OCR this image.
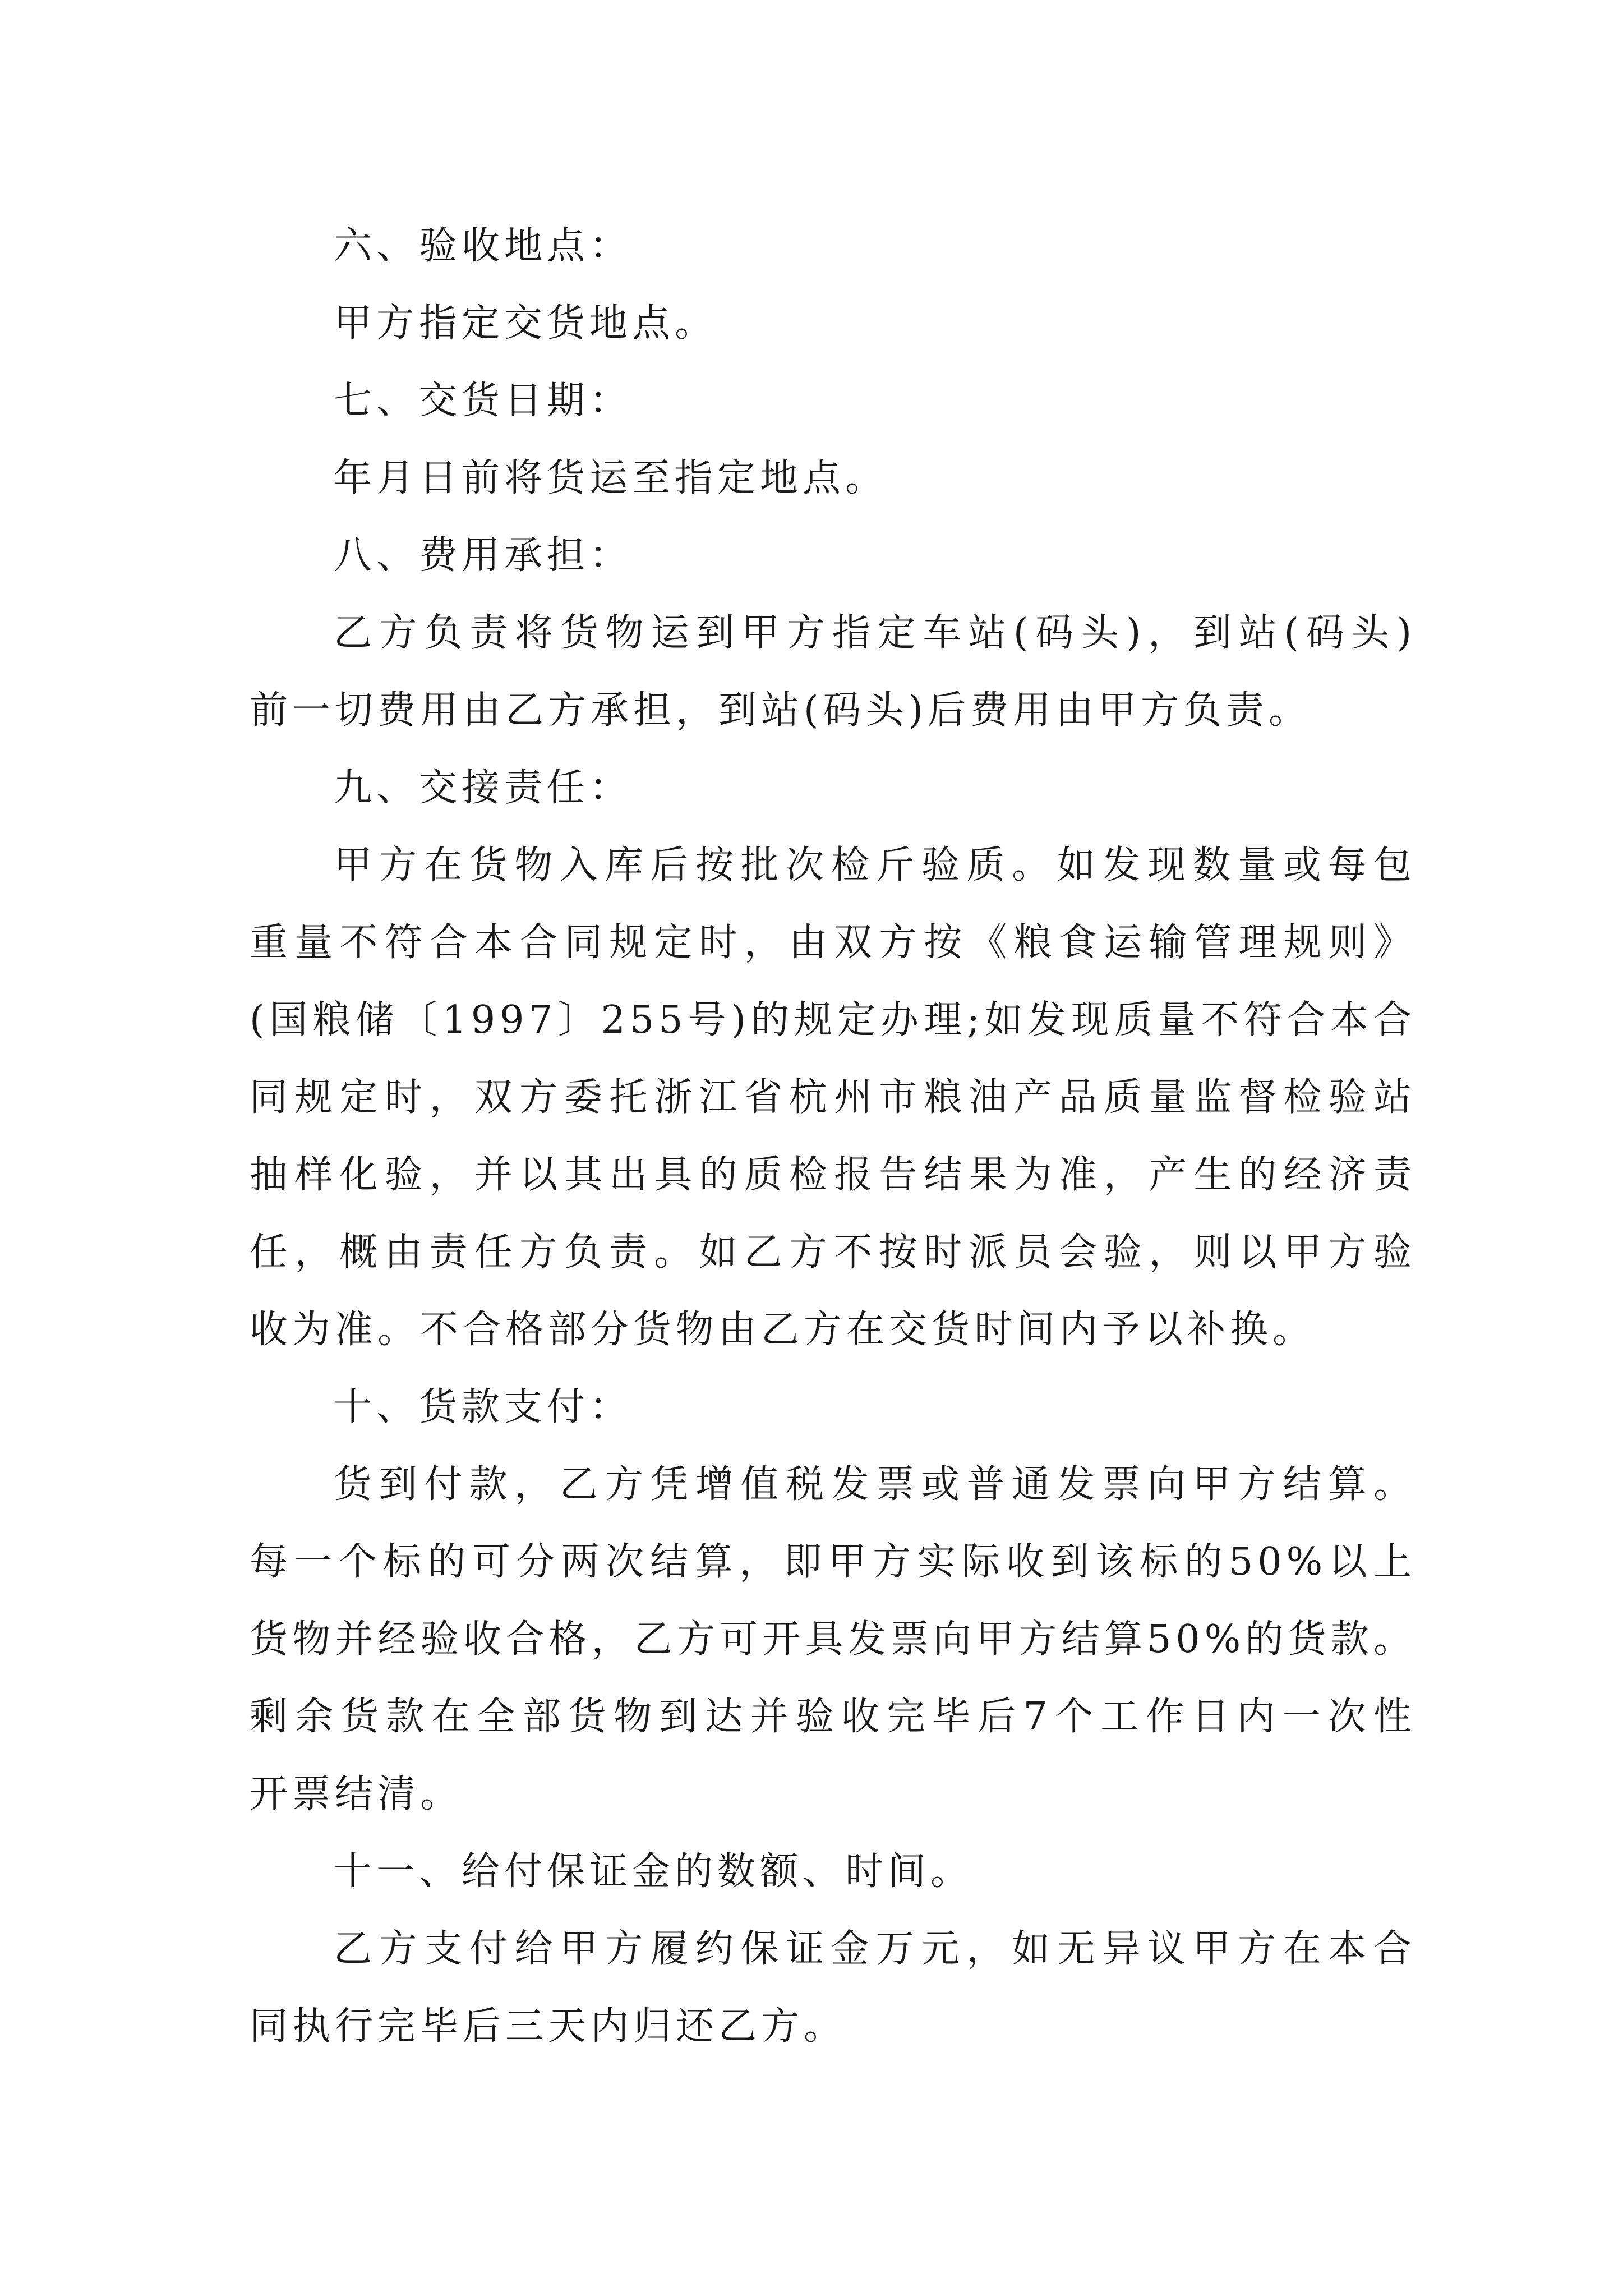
六、验收地点：
甲方指定交货地点。
七、交货日期：
年月日前将货运至指定地点。
八、费用承担：
乙方负责将货物运到甲方指定车站(码头)，到站(码头)
前一切费用由乙方承担，到站(码头)后费用由甲方负责。
九、交接责任：
甲方在货物入库后按批次检斤验质。如发现数量或每包
重量不符合本合同规定时，由双方按《粮食运输管理规则》
(国粮储〔1997〕255号)的规定办理;如发现质量不符合本合
同规定时，双方委托浙江省杭州市粮油产品质量监督检验站
抽样化验，并以其出具的质检报告结果为准，产生的经济责
任，概由责任方负责。如乙方不按时派员会验，则以甲方验
收为准。不合格部分货物由乙方在交货时间内予以补换。
十、货款支付：
货到付款，乙方凭增值税发票或普通发票向甲方结算。
每一个标的可分两次结算，即甲方实际收到该标的50%以上
货物并经验收合格，乙方可开具发票向甲方结算50%的货款。
剩余货款在全部货物到达并验收完毕后7个工作日内一次性
开票结清。
十一、给付保证金的数额、时间。
乙方支付给甲方履约保证金万元，如无异议甲方在本合
同执行完毕后三天内归还乙方。
